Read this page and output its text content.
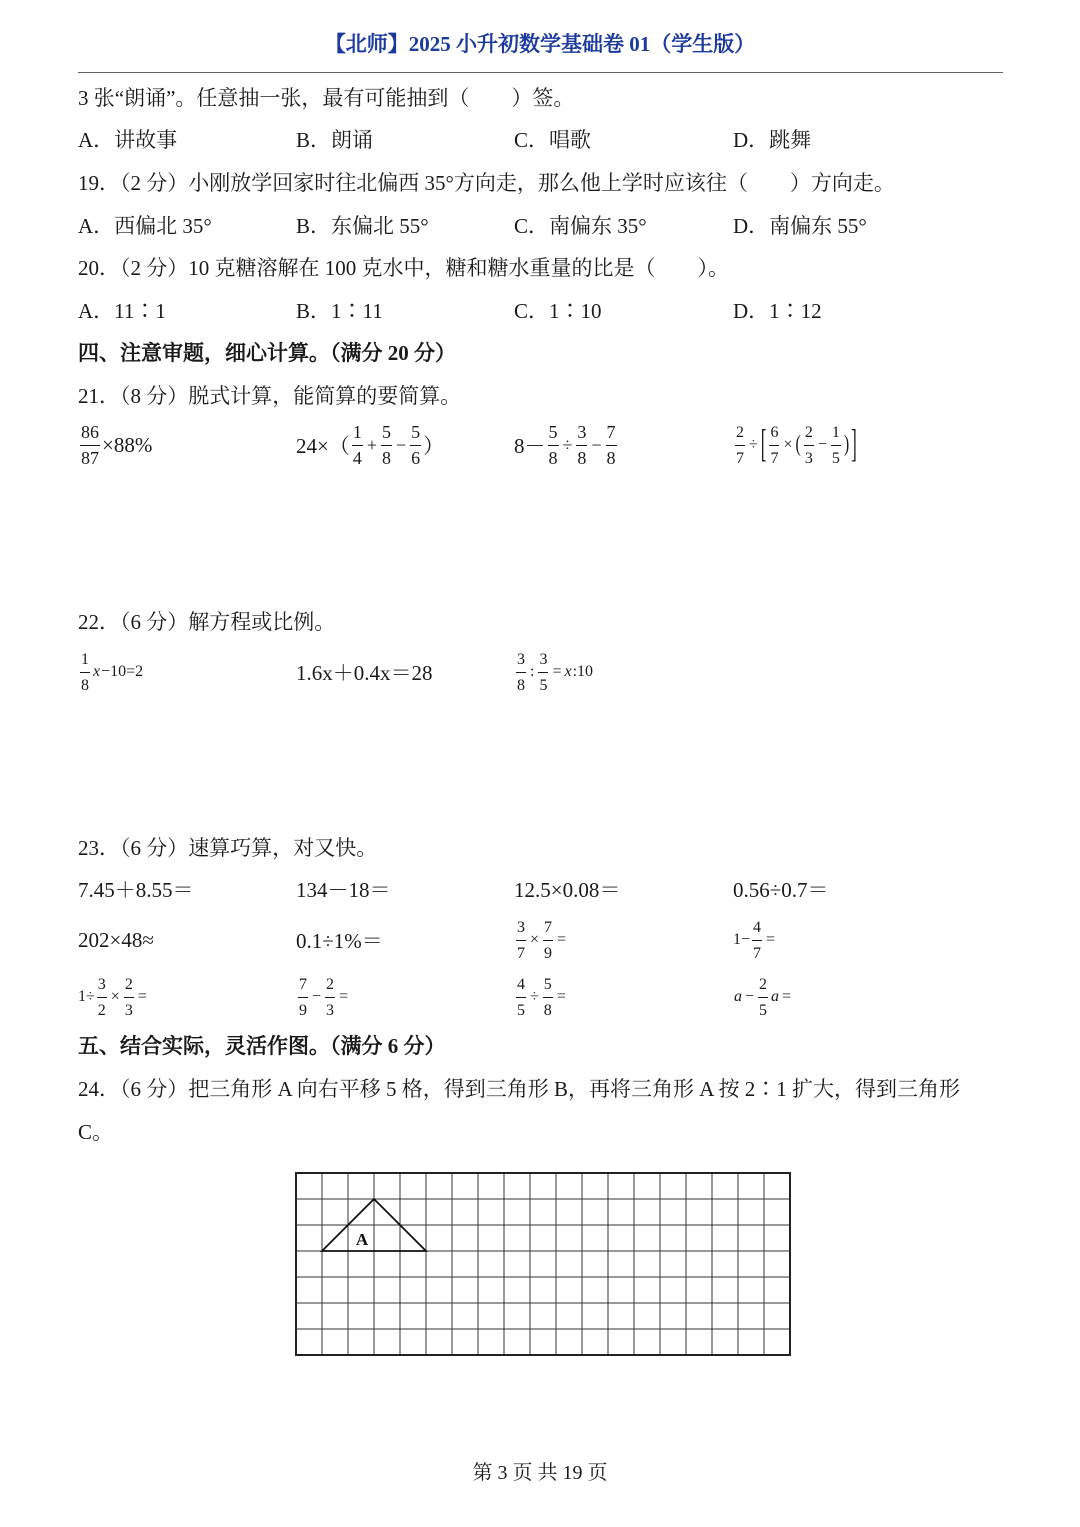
【北师】2025 小升初数学基础卷 01（学生版）
3 张“朗诵”。任意抽一张，最有可能抽到（　　）签。
A．讲故事	B．朗诵	C．唱歌	D．跳舞
19．（2 分）小刚放学回家时往北偏西 35°方向走，那么他上学时应该往（　　）方向走。
A．西偏北 35°	B．东偏北 55°	C．南偏东 35°	D．南偏东 55°
20．（2 分）10 克糖溶解在 100 克水中，糖和糖水重量的比是（　　）。
A．11∶1	B．1∶11	C．1∶10	D．1∶12
四、注意审题，细心计算。（满分 20 分）
21．（8 分）脱式计算，能简算的要简算。
$\frac{86}{87} \times 88\%$	$24\times( \frac{1}{4} + \frac{5}{8} - \frac{5}{6}$ ）	$8- \frac{5}{8} \div \frac{3}{8} - \frac{7}{8}$	$\frac{2}{7}$ ÷ [ $\frac{6}{7}$ × ( $\frac{2}{3} - \frac{1}{5}$ ) ]
22．（6 分）解方程或比例。
$\frac{1}{8}$ x −10=2	1.6x＋0.4x＝28	$\frac{3}{8}$ : $\frac{3}{5} = x$ :10
23．（6 分）速算巧算，对又快。
7.45＋8.55＝	134－18＝	12.5×0.08＝	0.56÷0.7＝
202×48≈	0.1÷1%＝	$\frac{3}{7} \times \frac{7}{9}$ =	$1- \frac{4}{7}$ =
$1\div \frac{3}{2} \times \frac{2}{3}$ =	$\frac{7}{9} - \frac{2}{3}$ =	$\frac{4}{5} \div \frac{5}{8}$ =	$a - \frac{2}{5}$ a =
五、结合实际，灵活作图。（满分 6 分）
24．（6 分）把三角形 A 向右平移 5 格，得到三角形 B，再将三角形 A 按 2∶1 扩大，得到三角形
C。
A
第 3 页 共 19 页
